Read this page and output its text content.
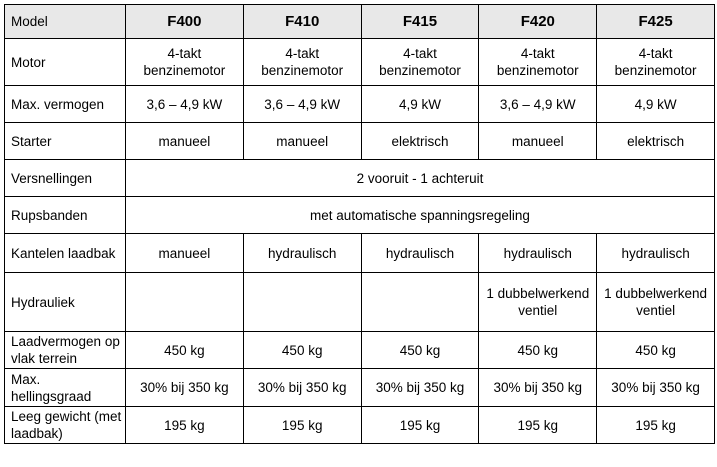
Model	F400	F410	F415	F420	F425
Motor	4-takt benzinemotor	4-takt benzinemotor	4-takt benzinemotor	4-takt benzinemotor	4-takt benzinemotor
Max. vermogen	3,6 – 4,9 kW	3,6 – 4,9 kW	4,9 kW	3,6 – 4,9 kW	4,9 kW
Starter	manueel	manueel	elektrisch	manueel	elektrisch
Versnellingen	2 vooruit - 1 achteruit				
Rupsbanden	met automatische spanningsregeling				
Kantelen laadbak	manueel	hydraulisch	hydraulisch	hydraulisch	hydraulisch
Hydrauliek				1 dubbelwerkend ventiel	1 dubbelwerkend ventiel
Laadvermogen op vlak terrein	450 kg	450 kg	450 kg	450 kg	450 kg
Max. hellingsgraad	30% bij 350 kg	30% bij 350 kg	30% bij 350 kg	30% bij 350 kg	30% bij 350 kg
Leeg gewicht (met laadbak)	195 kg	195 kg	195 kg	195 kg	195 kg
